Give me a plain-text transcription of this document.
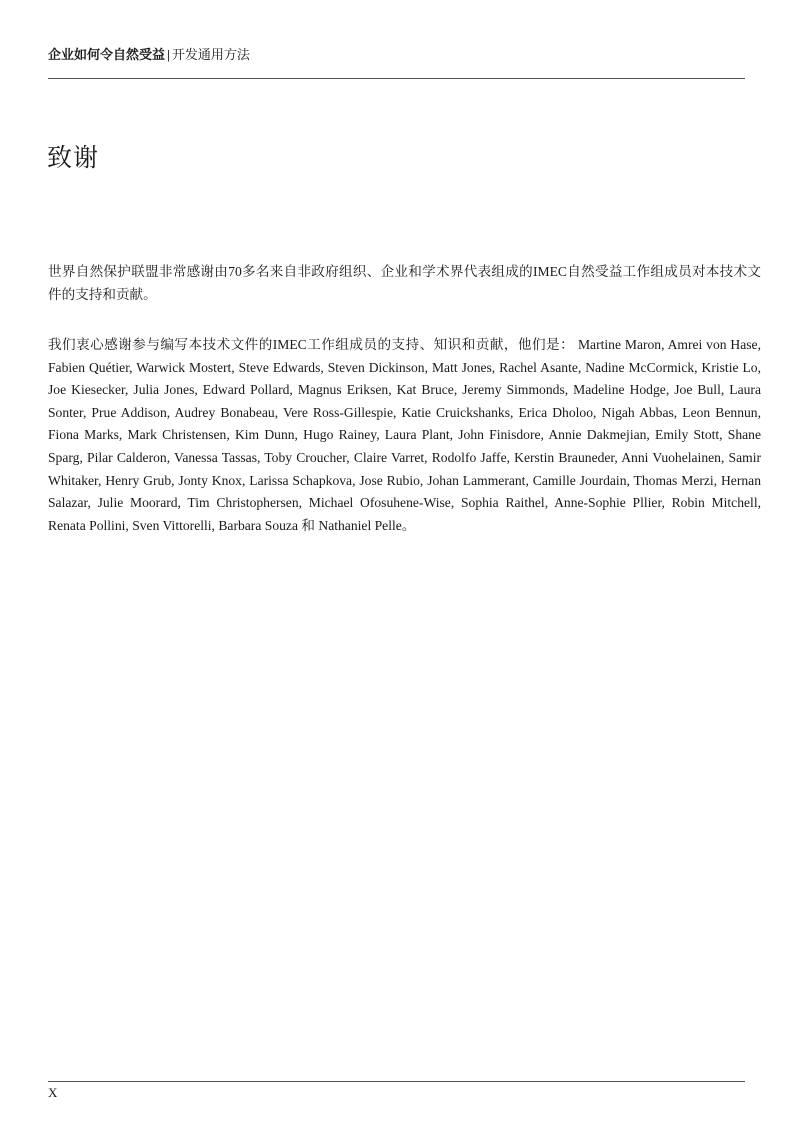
企业如何令自然受益 | 开发通用方法
致谢

世界自然保护联盟非常感谢由70多名来自非政府组织、企业和学术界代表组成的IMEC自然受益工作组成员对本技术文件的支持和贡献。

我们衷心感谢参与编写本技术文件的IMEC工作组成员的支持、知识和贡献，他们是： Martine Maron, Amrei von Hase, Fabien Quétier, Warwick Mostert, Steve Edwards, Steven Dickinson, Matt Jones, Rachel Asante, Nadine McCormick, Kristie Lo, Joe Kiesecker, Julia Jones, Edward Pollard, Magnus Eriksen, Kat Bruce, Jeremy Simmonds, Madeline Hodge, Joe Bull, Laura Sonter, Prue Addison, Audrey Bonabeau, Vere Ross-Gillespie, Katie Cruickshanks, Erica Dholoo, Nigah Abbas, Leon Bennun, Fiona Marks, Mark Christensen, Kim Dunn, Hugo Rainey, Laura Plant, John Finisdore, Annie Dakmejian, Emily Stott, Shane Sparg, Pilar Calderon, Vanessa Tassas, Toby Croucher, Claire Varret, Rodolfo Jaffe, Kerstin Brauneder, Anni Vuohelainen, Samir Whitaker, Henry Grub, Jonty Knox, Larissa Schapkova, Jose Rubio, Johan Lammerant, Camille Jourdain, Thomas Merzi, Hernan Salazar, Julie Moorard, Tim Christophersen, Michael Ofosuhene-Wise, Sophia Raithel, Anne-Sophie Pllier, Robin Mitchell, Renata Pollini, Sven Vittorelli, Barbara Souza 和 Nathaniel Pelle。

X
